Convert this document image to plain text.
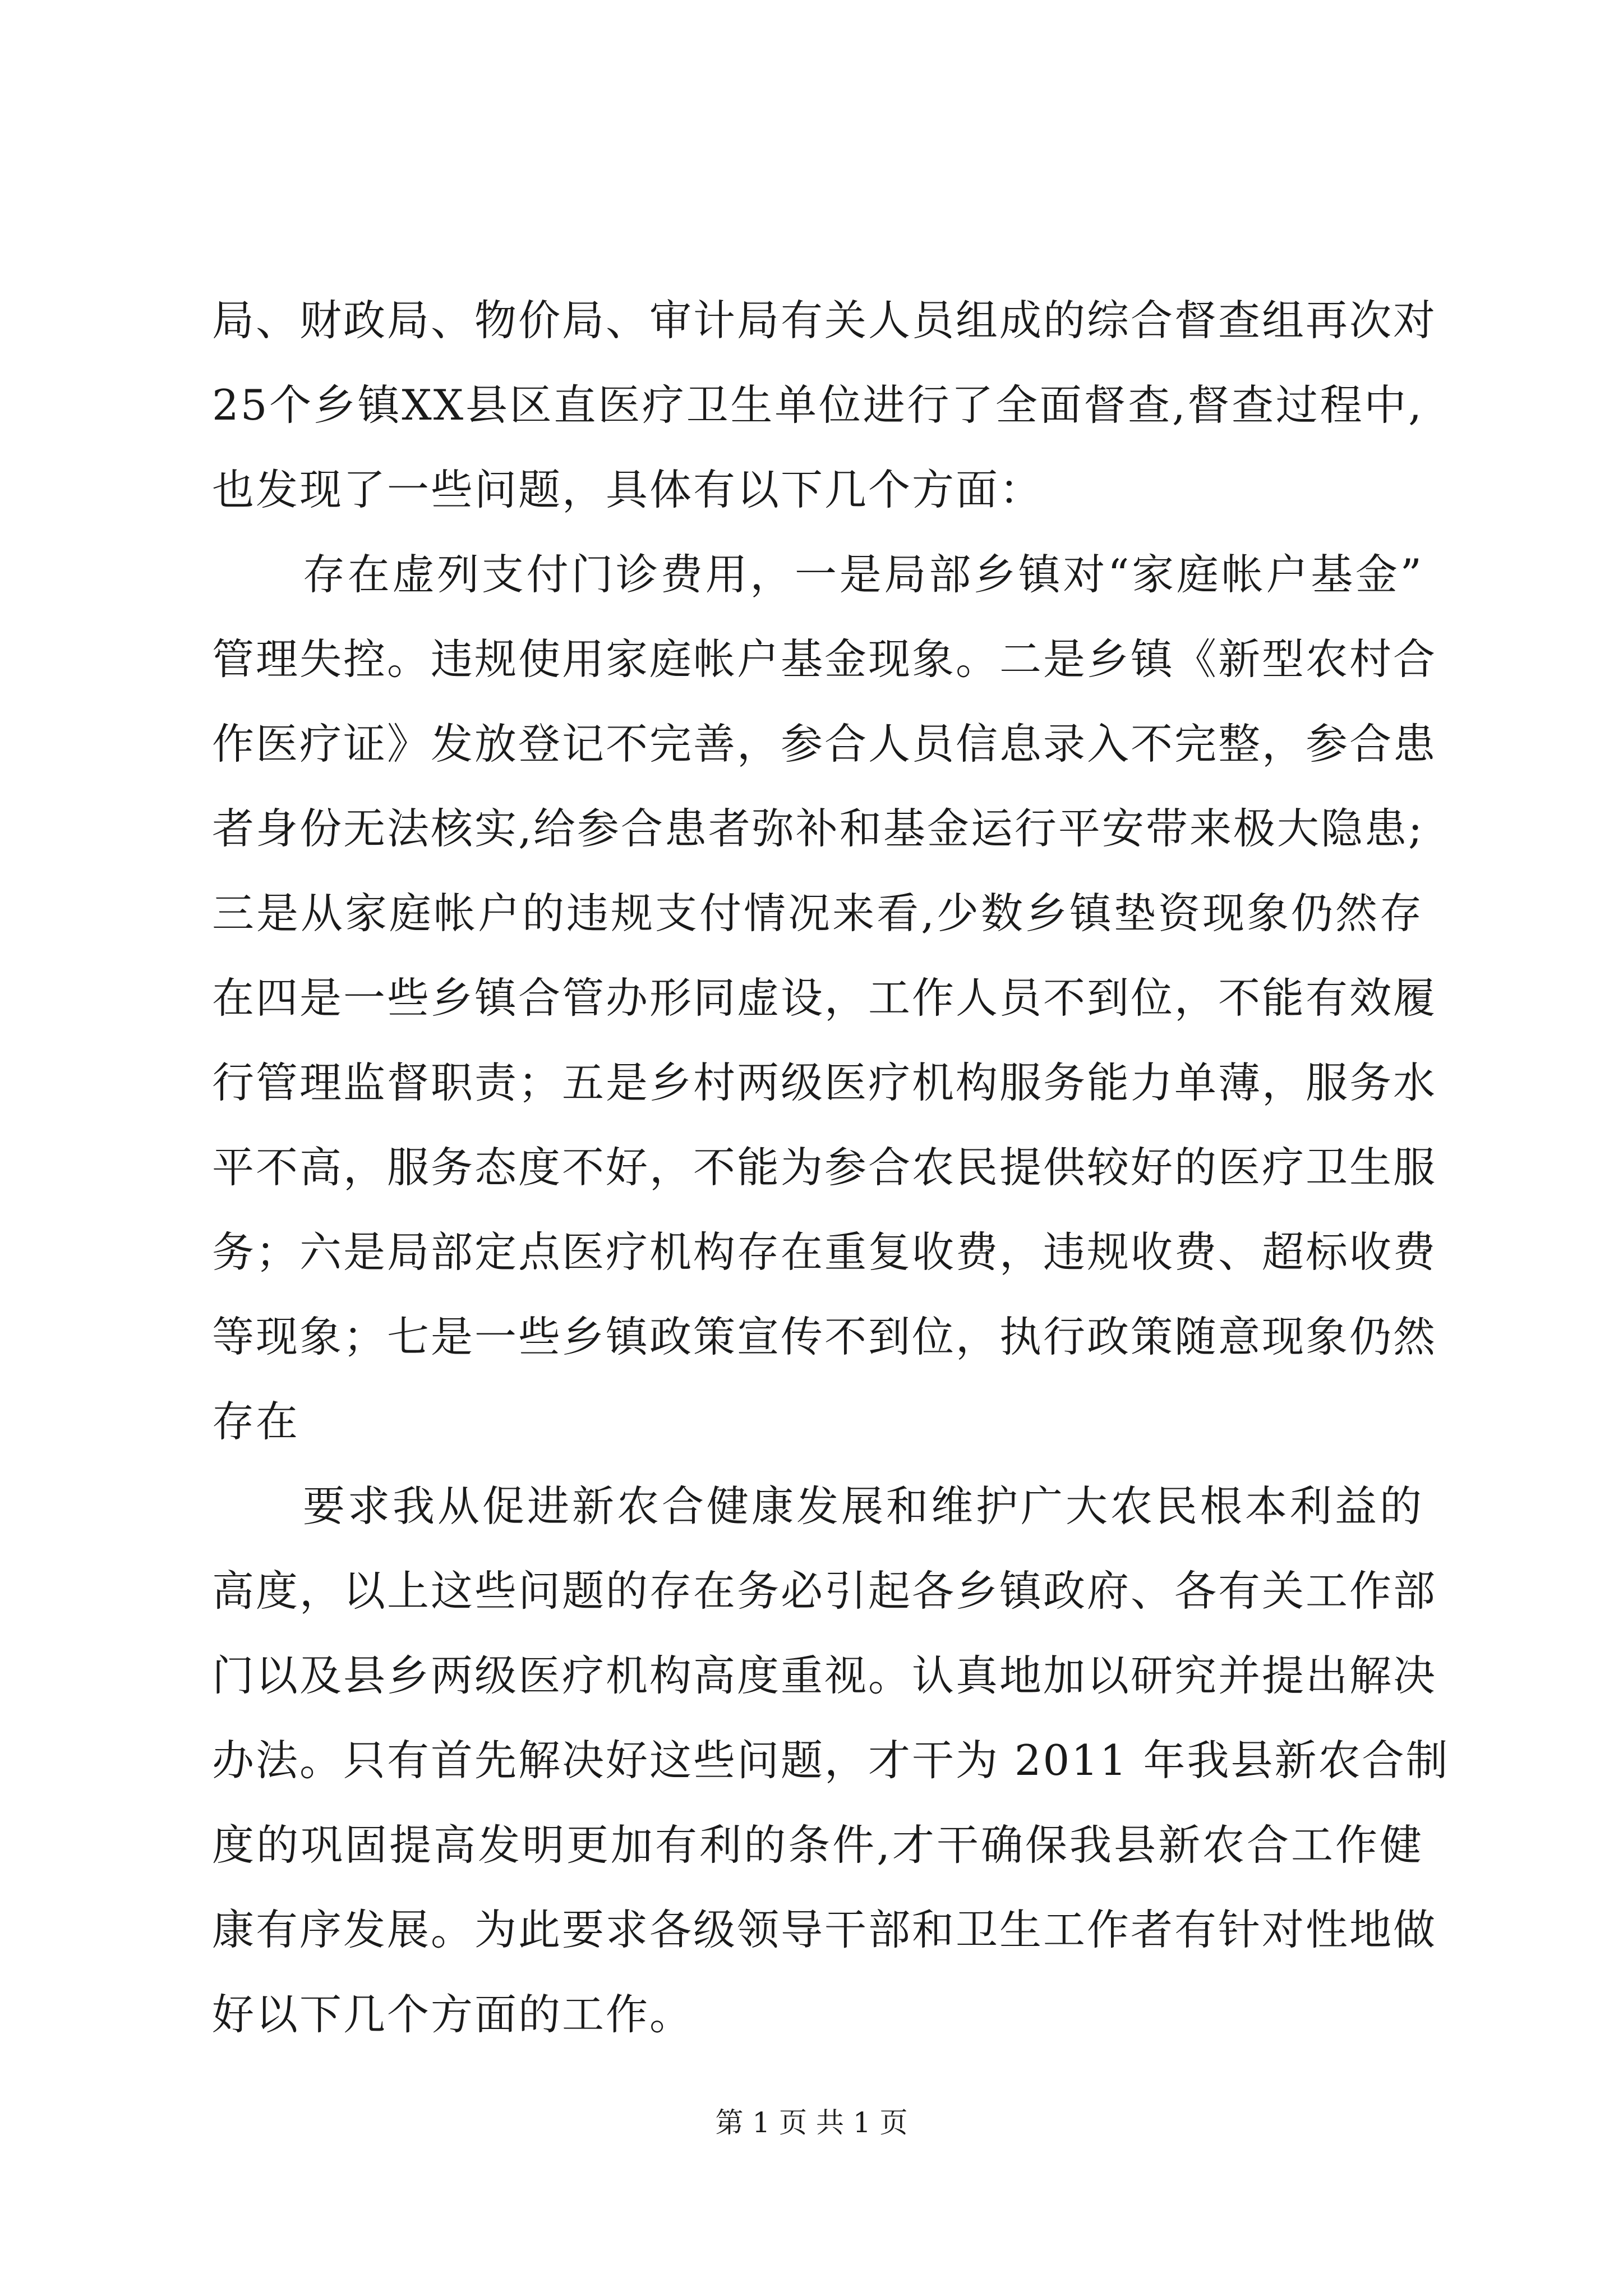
局、财政局、物价局、审计局有关人员组成的综合督查组再次对
25个乡镇XX县区直医疗卫生单位进行了全面督查,督查过程中,
也发现了一些问题，具体有以下几个方面：
存在虚列支付门诊费用，一是局部乡镇对“家庭帐户基金”
管理失控。违规使用家庭帐户基金现象。二是乡镇《新型农村合
作医疗证》发放登记不完善，参合人员信息录入不完整，参合患
者身份无法核实,给参合患者弥补和基金运行平安带来极大隐患;
三是从家庭帐户的违规支付情况来看,少数乡镇垫资现象仍然存
在四是一些乡镇合管办形同虚设，工作人员不到位，不能有效履
行管理监督职责；五是乡村两级医疗机构服务能力单薄，服务水
平不高，服务态度不好，不能为参合农民提供较好的医疗卫生服
务；六是局部定点医疗机构存在重复收费，违规收费、超标收费
等现象；七是一些乡镇政策宣传不到位，执行政策随意现象仍然
存在
要求我从促进新农合健康发展和维护广大农民根本利益的
高度，以上这些问题的存在务必引起各乡镇政府、各有关工作部
门以及县乡两级医疗机构高度重视。认真地加以研究并提出解决
办法。只有首先解决好这些问题，才干为 2011 年我县新农合制
度的巩固提高发明更加有利的条件,才干确保我县新农合工作健
康有序发展。为此要求各级领导干部和卫生工作者有针对性地做
好以下几个方面的工作。
第 1 页 共 1 页
